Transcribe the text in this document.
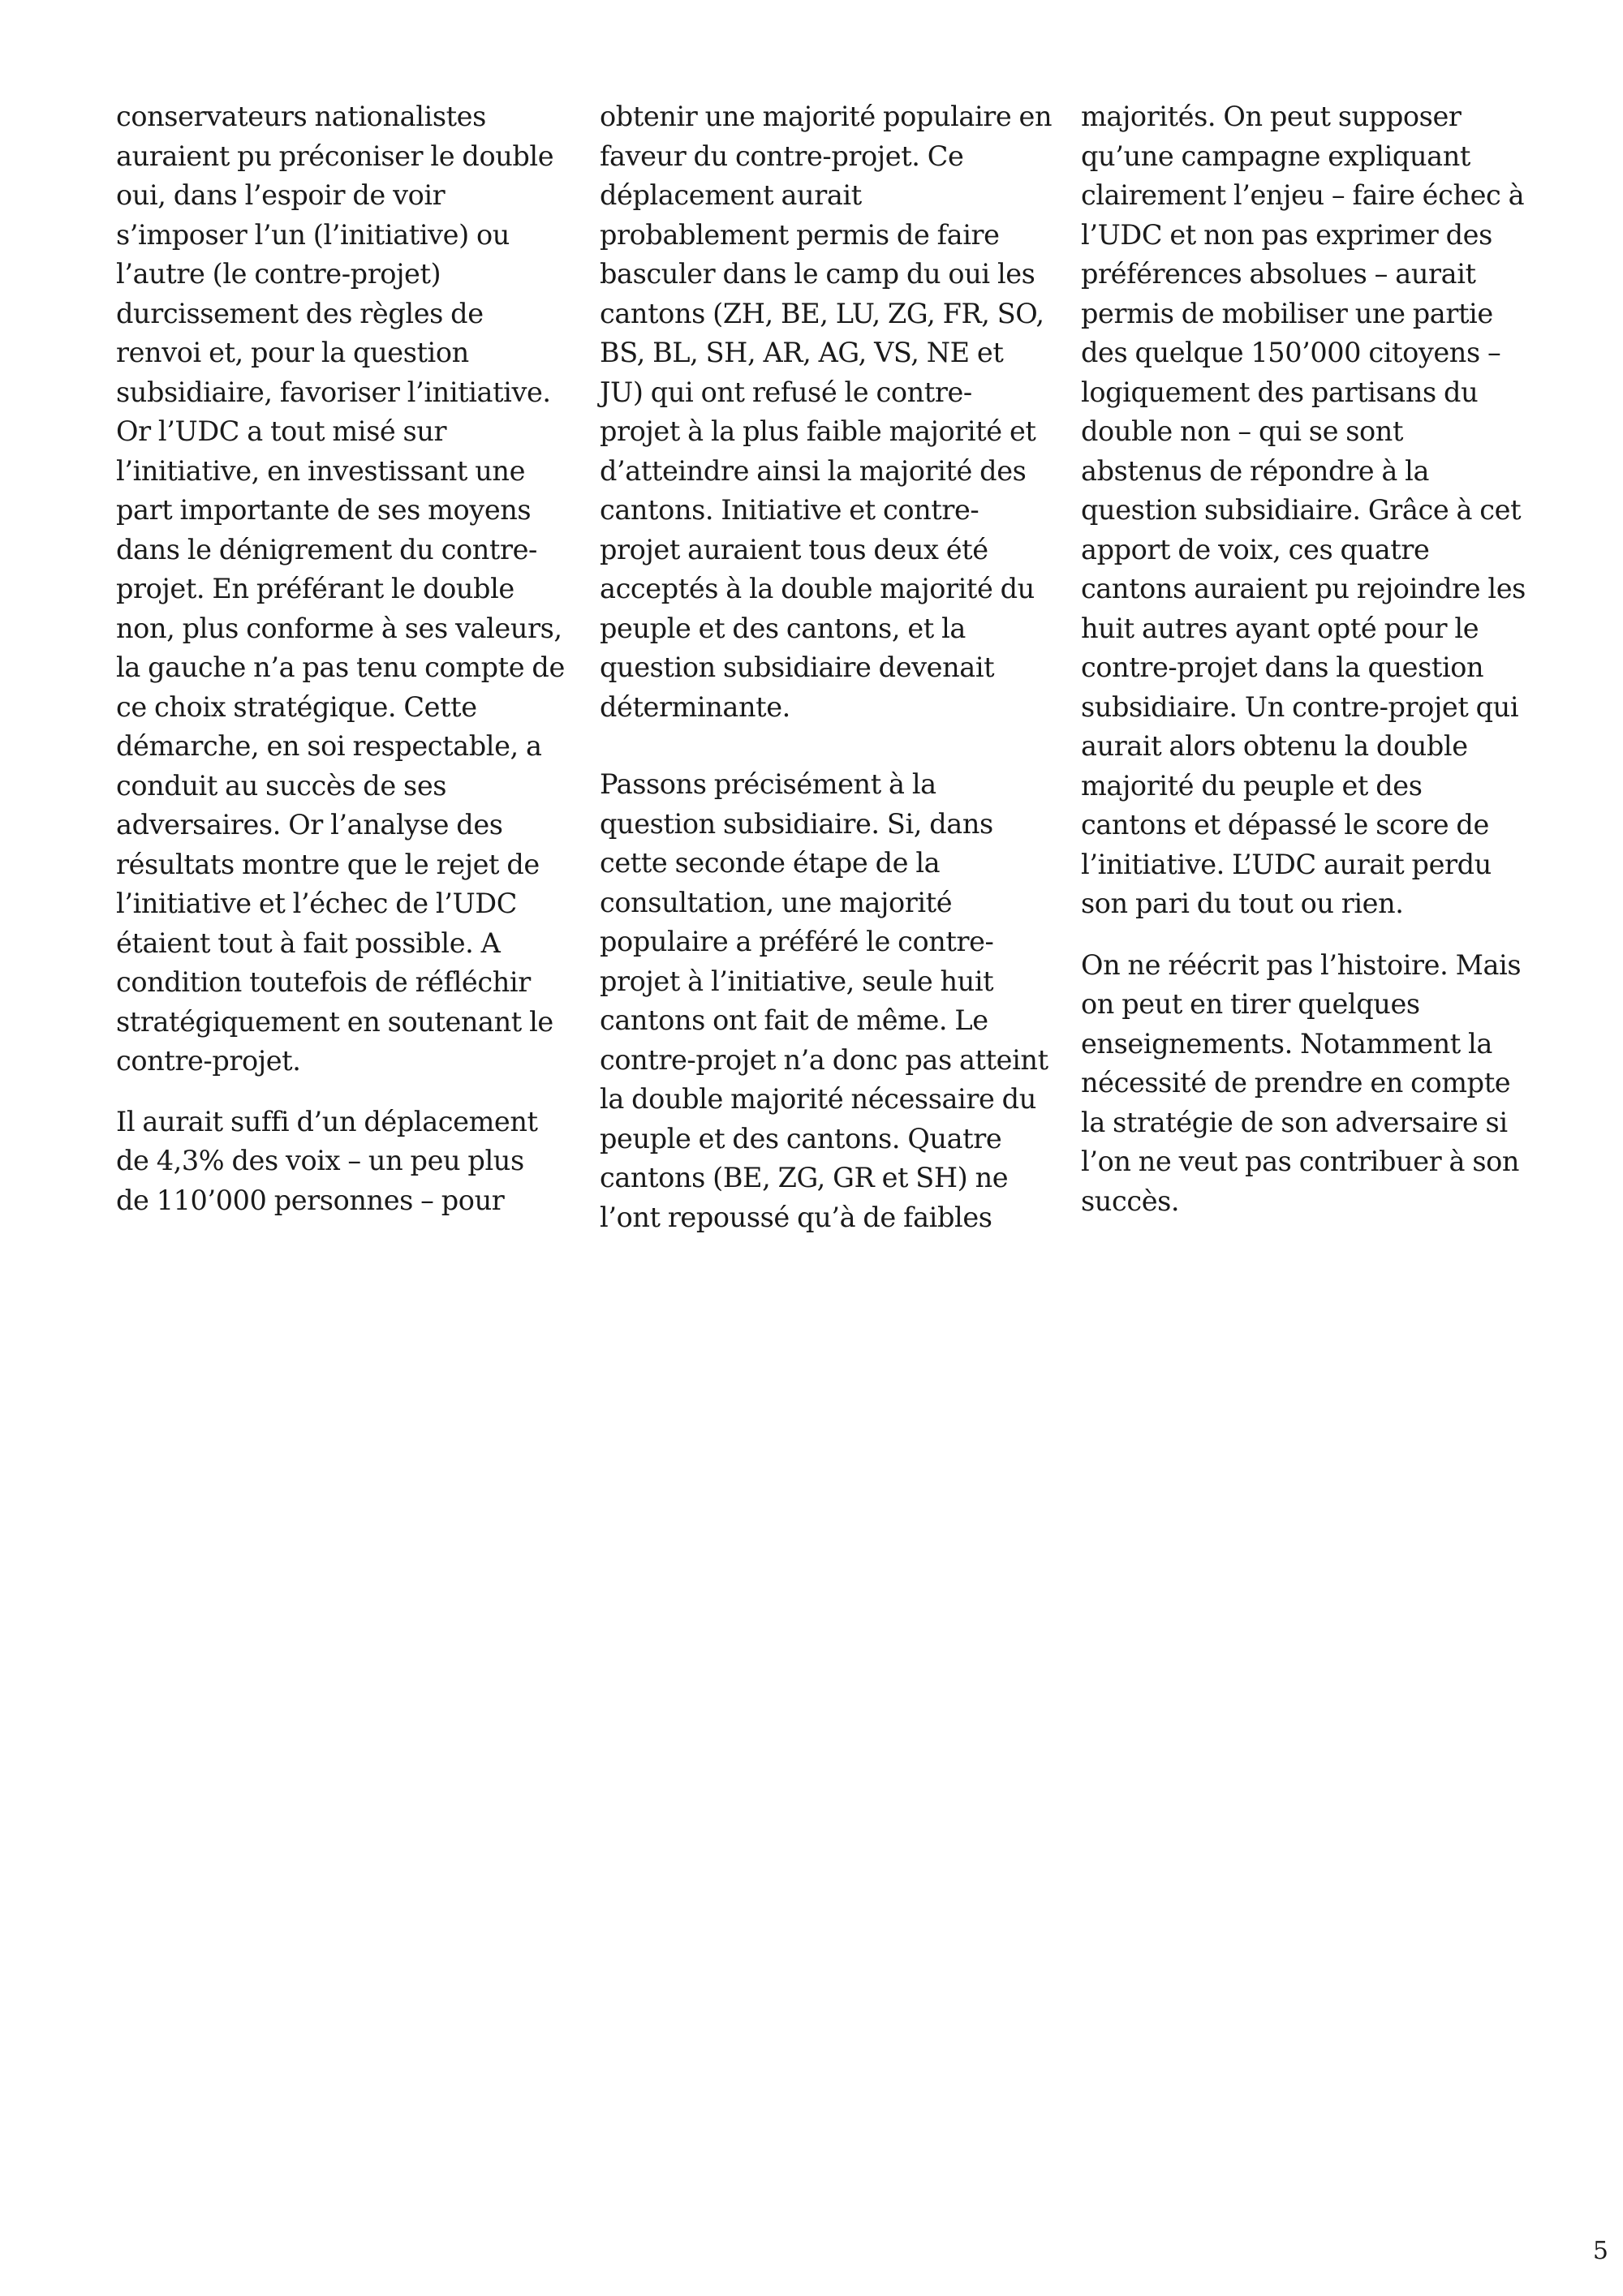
conservateurs nationalistes
auraient pu préconiser le double
oui, dans l’espoir de voir
s’imposer l’un (l’initiative) ou
l’autre (le contre-projet)
durcissement des règles de
renvoi et, pour la question
subsidiaire, favoriser l’initiative.
Or l’UDC a tout misé sur
l’initiative, en investissant une
part importante de ses moyens
dans le dénigrement du contre-
projet. En préférant le double
non, plus conforme à ses valeurs,
la gauche n’a pas tenu compte de
ce choix stratégique. Cette
démarche, en soi respectable, a
conduit au succès de ses
adversaires. Or l’analyse des
résultats montre que le rejet de
l’initiative et l’échec de l’UDC
étaient tout à fait possible. A
condition toutefois de réfléchir
stratégiquement en soutenant le
contre-projet.

Il aurait suffi d’un déplacement
de 4,3% des voix – un peu plus
de 110’000 personnes – pour

obtenir une majorité populaire en
faveur du contre-projet. Ce
déplacement aurait
probablement permis de faire
basculer dans le camp du oui les
cantons (ZH, BE, LU, ZG, FR, SO,
BS, BL, SH, AR, AG, VS, NE et
JU) qui ont refusé le contre-
projet à la plus faible majorité et
d’atteindre ainsi la majorité des
cantons. Initiative et contre-
projet auraient tous deux été
acceptés à la double majorité du
peuple et des cantons, et la
question subsidiaire devenait
déterminante.

Passons précisément à la
question subsidiaire. Si, dans
cette seconde étape de la
consultation, une majorité
populaire a préféré le contre-
projet à l’initiative, seule huit
cantons ont fait de même. Le
contre-projet n’a donc pas atteint
la double majorité nécessaire du
peuple et des cantons. Quatre
cantons (BE, ZG, GR et SH) ne
l’ont repoussé qu’à de faibles

majorités. On peut supposer
qu’une campagne expliquant
clairement l’enjeu – faire échec à
l’UDC et non pas exprimer des
préférences absolues – aurait
permis de mobiliser une partie
des quelque 150’000 citoyens –
logiquement des partisans du
double non – qui se sont
abstenus de répondre à la
question subsidiaire. Grâce à cet
apport de voix, ces quatre
cantons auraient pu rejoindre les
huit autres ayant opté pour le
contre-projet dans la question
subsidiaire. Un contre-projet qui
aurait alors obtenu la double
majorité du peuple et des
cantons et dépassé le score de
l’initiative. L’UDC aurait perdu
son pari du tout ou rien.

On ne réécrit pas l’histoire. Mais
on peut en tirer quelques
enseignements. Notamment la
nécessité de prendre en compte
la stratégie de son adversaire si
l’on ne veut pas contribuer à son
succès.

5
